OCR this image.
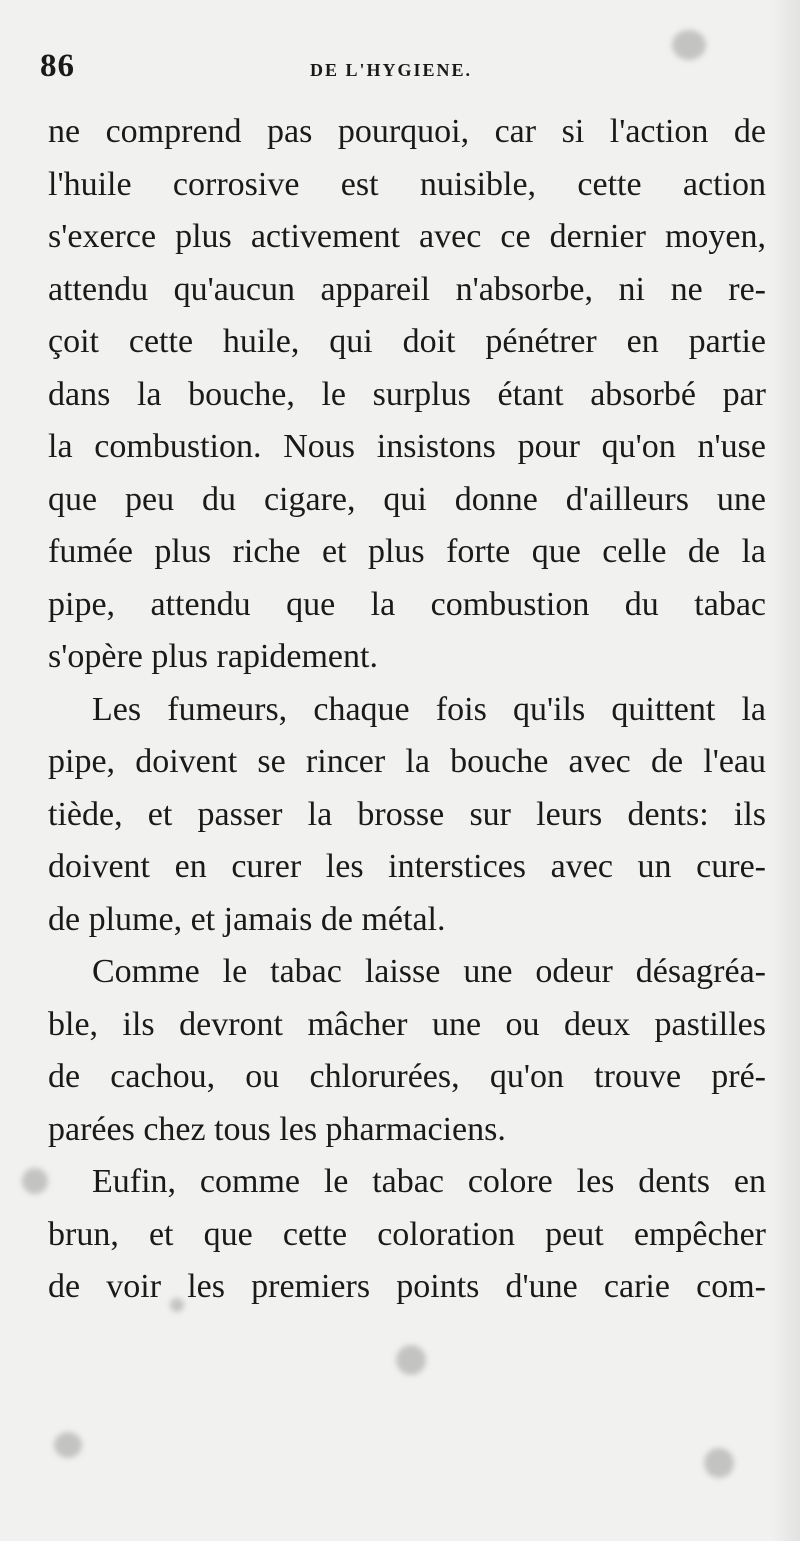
86	DE L'HYGIENE.
ne comprend pas pourquoi, car si l'action de
l'huile corrosive est nuisible, cette action
s'exerce plus activement avec ce dernier moyen,
attendu qu'aucun appareil n'absorbe, ni ne re-
çoit cette huile, qui doit pénétrer en partie
dans la bouche, le surplus étant absorbé par
la combustion. Nous insistons pour qu'on n'use
que peu du cigare, qui donne d'ailleurs une
fumée plus riche et plus forte que celle de la
pipe, attendu que la combustion du tabac
s'opère plus rapidement.
Les fumeurs, chaque fois qu'ils quittent la
pipe, doivent se rincer la bouche avec de l'eau
tiède, et passer la brosse sur leurs dents: ils
doivent en curer les interstices avec un cure-
de plume, et jamais de métal.
Comme le tabac laisse une odeur désagréa-
ble, ils devront mâcher une ou deux pastilles
de cachou, ou chlorurées, qu'on trouve pré-
parées chez tous les pharmaciens.
Eufin, comme le tabac colore les dents en
brun, et que cette coloration peut empêcher
de voir les premiers points d'une carie com-
